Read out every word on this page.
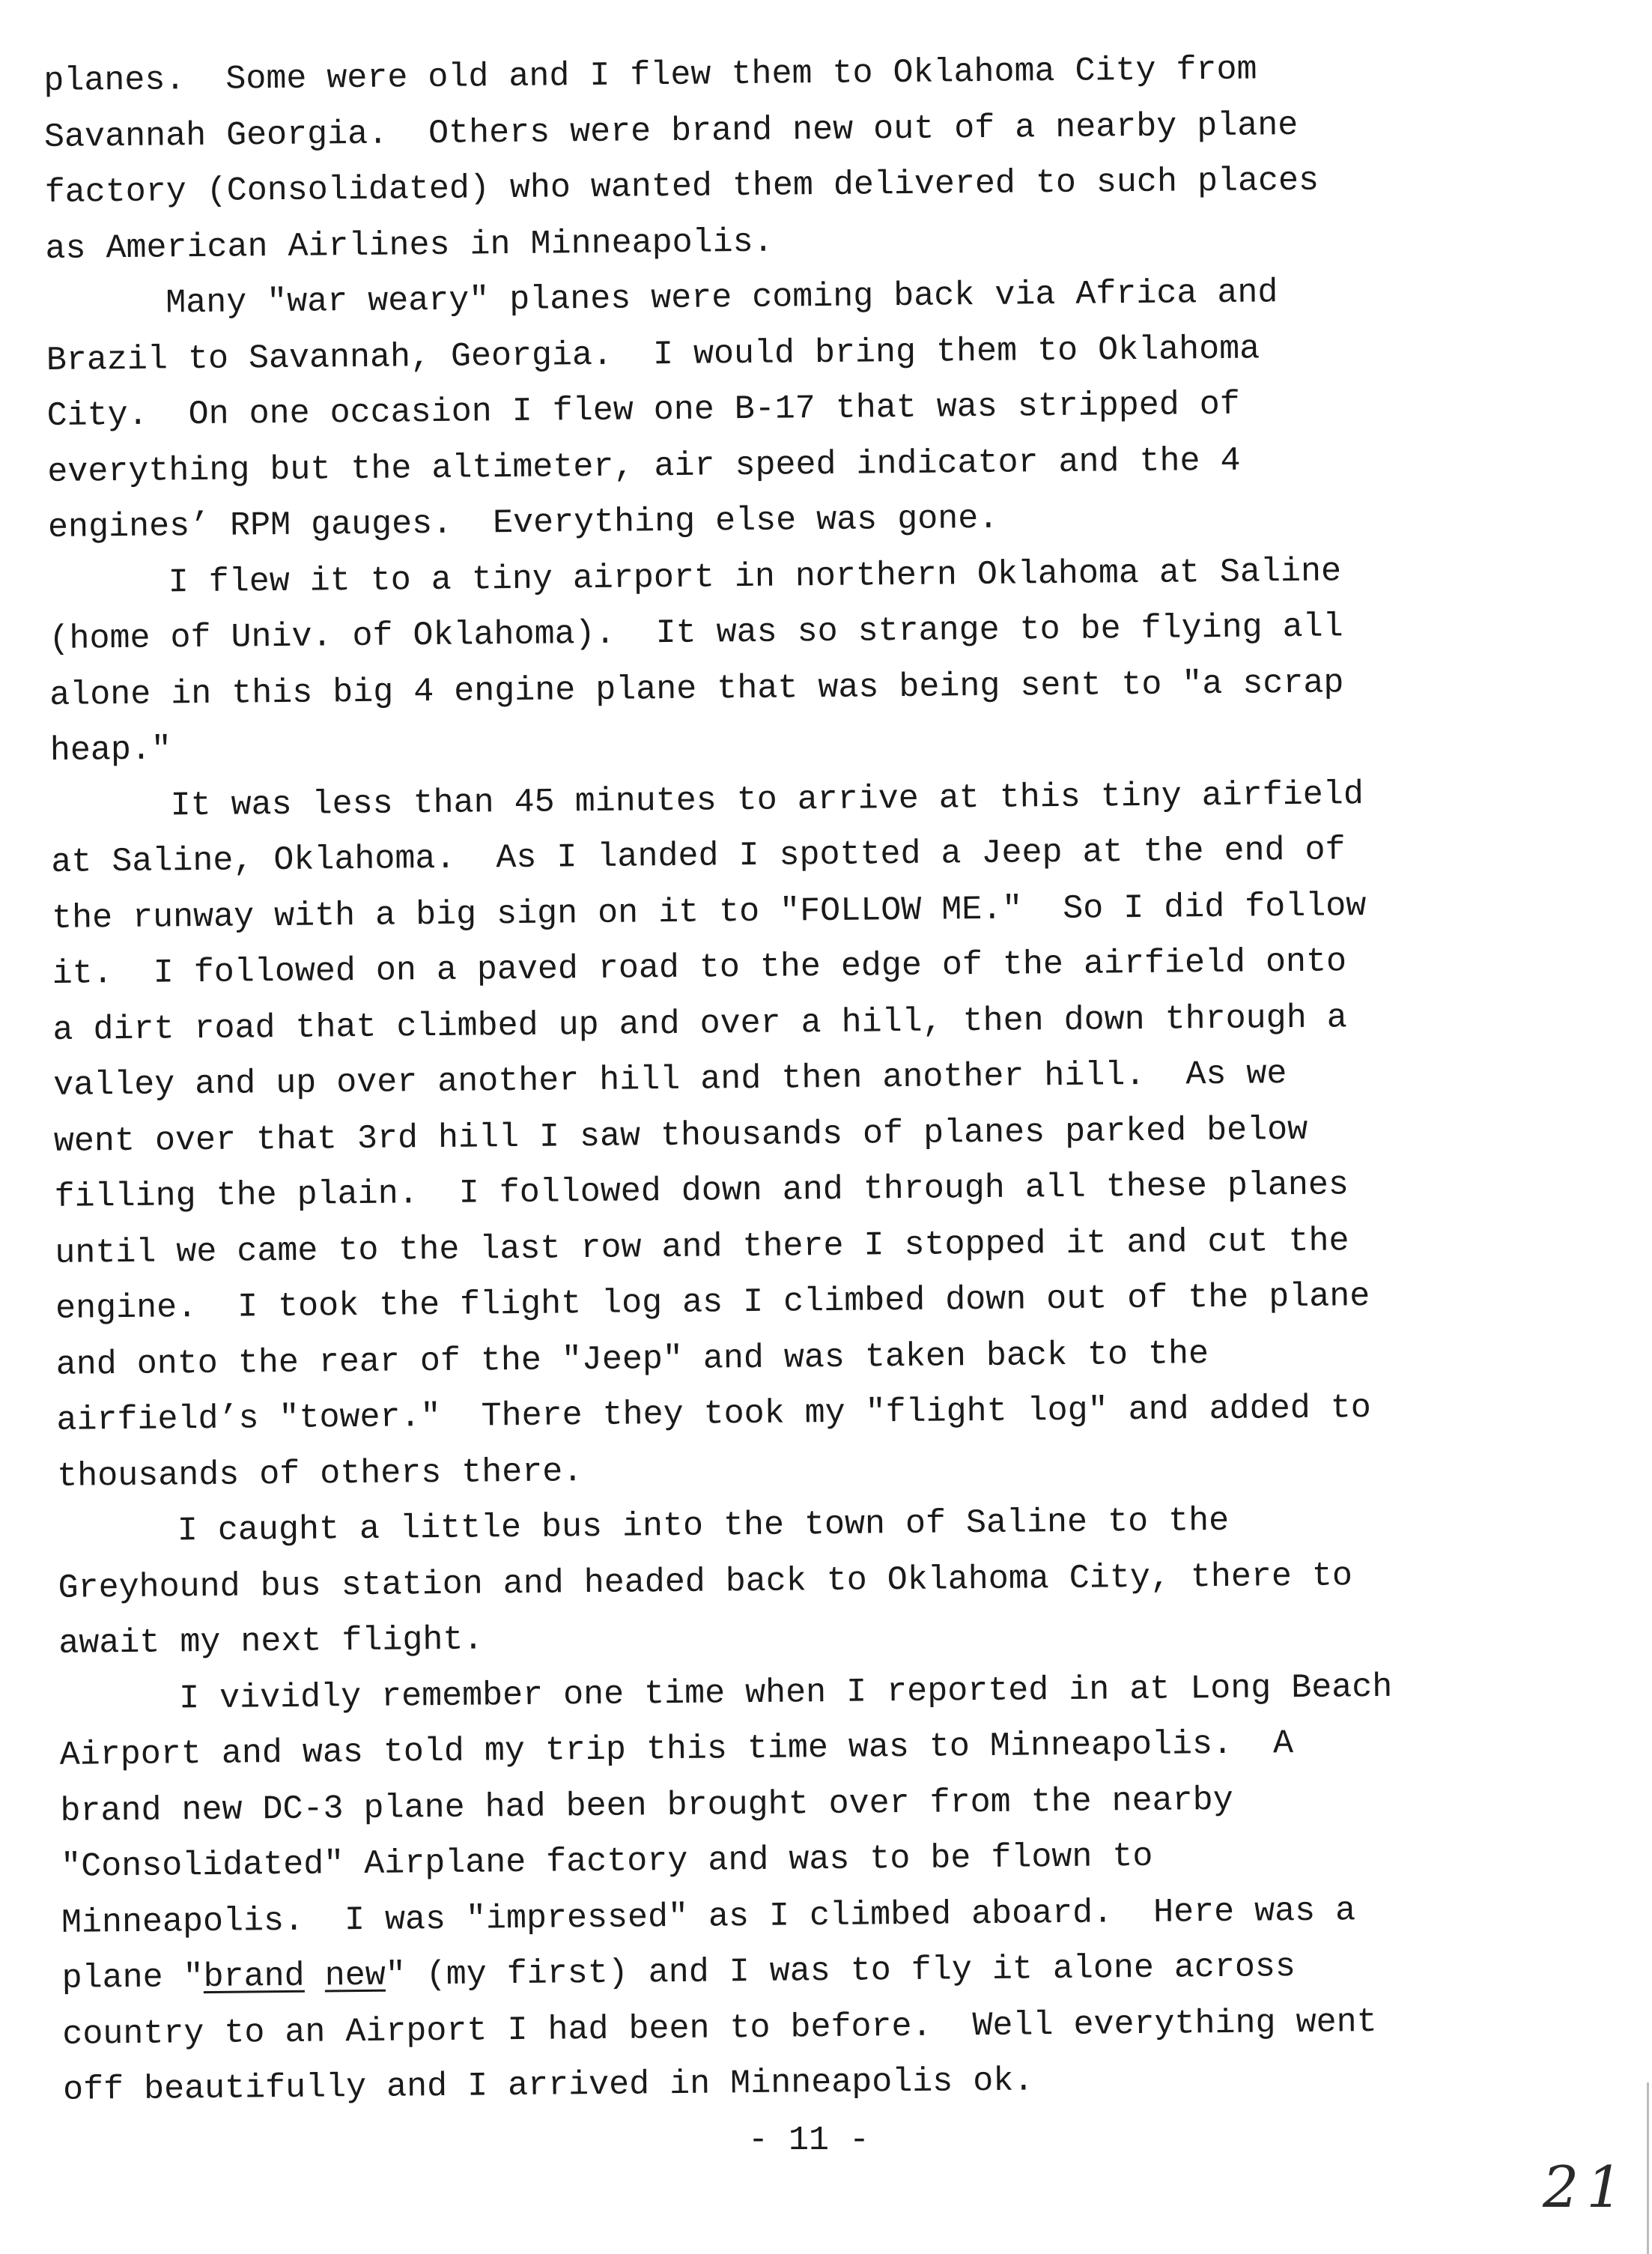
planes.  Some were old and I flew them to Oklahoma City from
Savannah Georgia.  Others were brand new out of a nearby plane
factory (Consolidated) who wanted them delivered to such places
as American Airlines in Minneapolis.
Many "war weary" planes were coming back via Africa and
Brazil to Savannah, Georgia.  I would bring them to Oklahoma
City.  On one occasion I flew one B-17 that was stripped of
everything but the altimeter, air speed indicator and the 4
engines’ RPM gauges.  Everything else was gone.
I flew it to a tiny airport in northern Oklahoma at Saline
(home of Univ. of Oklahoma).  It was so strange to be flying all
alone in this big 4 engine plane that was being sent to "a scrap
heap."
It was less than 45 minutes to arrive at this tiny airfield
at Saline, Oklahoma.  As I landed I spotted a Jeep at the end of
the runway with a big sign on it to "FOLLOW ME."  So I did follow
it.  I followed on a paved road to the edge of the airfield onto
a dirt road that climbed up and over a hill, then down through a
valley and up over another hill and then another hill.  As we
went over that 3rd hill I saw thousands of planes parked below
filling the plain.  I followed down and through all these planes
until we came to the last row and there I stopped it and cut the
engine.  I took the flight log as I climbed down out of the plane
and onto the rear of the "Jeep" and was taken back to the
airfield’s "tower."  There they took my "flight log" and added to
thousands of others there.
I caught a little bus into the town of Saline to the
Greyhound bus station and headed back to Oklahoma City, there to
await my next flight.
I vividly remember one time when I reported in at Long Beach
Airport and was told my trip this time was to Minneapolis.  A
brand new DC-3 plane had been brought over from the nearby
"Consolidated" Airplane factory and was to be flown to
Minneapolis.  I was "impressed" as I climbed aboard.  Here was a
plane "brand new" (my first) and I was to fly it alone across
country to an Airport I had been to before.  Well everything went
off beautifully and I arrived in Minneapolis ok.
- 11 -
21
